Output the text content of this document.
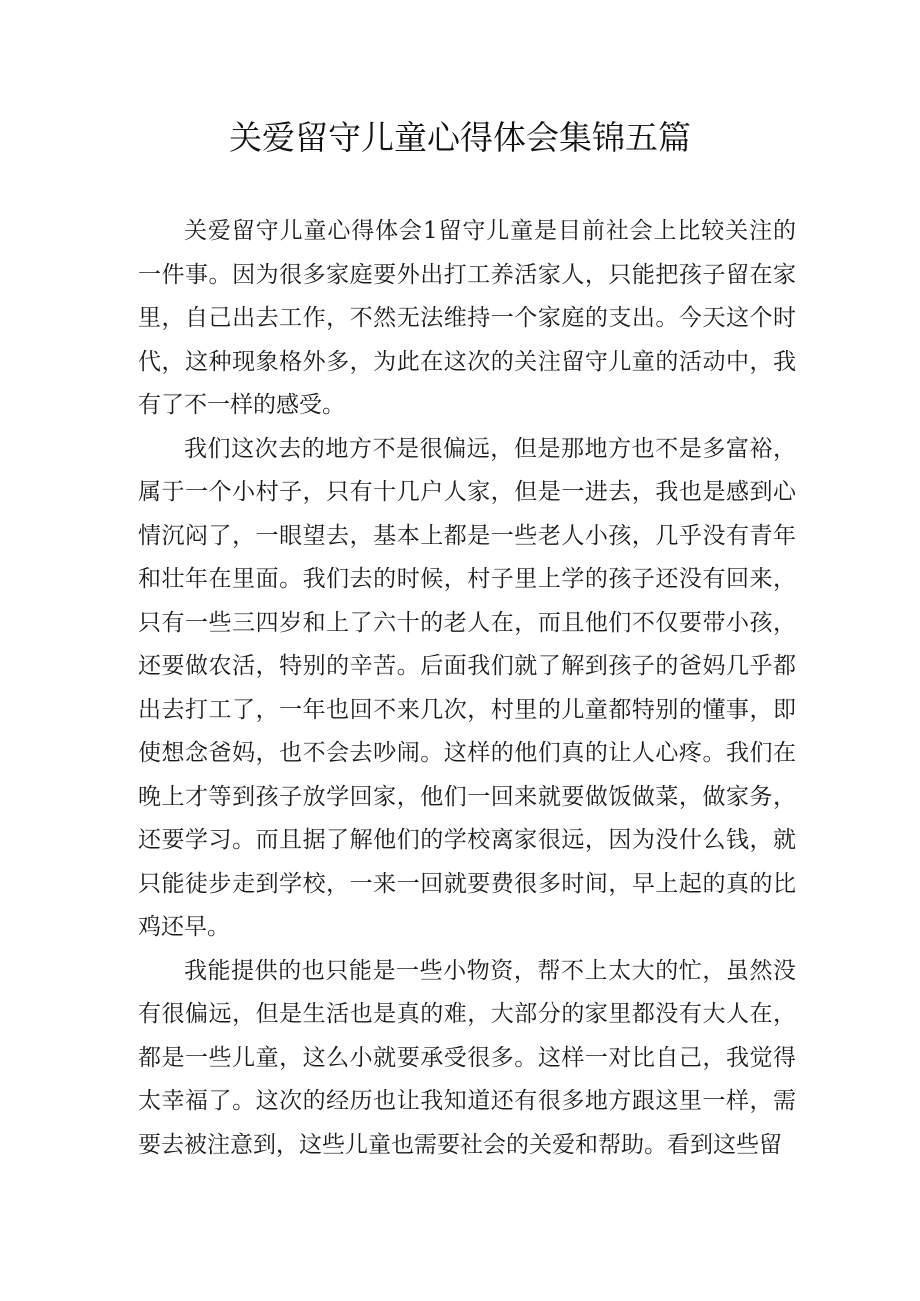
关爱留守儿童心得体会集锦五篇

关爱留守儿童心得体会1留守儿童是目前社会上比较关注的一件事。因为很多家庭要外出打工养活家人，只能把孩子留在家里，自己出去工作，不然无法维持一个家庭的支出。今天这个时代，这种现象格外多，为此在这次的关注留守儿童的活动中，我有了不一样的感受。

我们这次去的地方不是很偏远，但是那地方也不是多富裕，属于一个小村子，只有十几户人家，但是一进去，我也是感到心情沉闷了，一眼望去，基本上都是一些老人小孩，几乎没有青年和壮年在里面。我们去的时候，村子里上学的孩子还没有回来，只有一些三四岁和上了六十的老人在，而且他们不仅要带小孩，还要做农活，特别的辛苦。后面我们就了解到孩子的爸妈几乎都出去打工了，一年也回不来几次，村里的儿童都特别的懂事，即使想念爸妈，也不会去吵闹。这样的他们真的让人心疼。我们在晚上才等到孩子放学回家，他们一回来就要做饭做菜，做家务，还要学习。而且据了解他们的学校离家很远，因为没什么钱，就只能徒步走到学校，一来一回就要费很多时间，早上起的真的比鸡还早。

我能提供的也只能是一些小物资，帮不上太大的忙，虽然没有很偏远，但是生活也是真的难，大部分的家里都没有大人在，都是一些儿童，这么小就要承受很多。这样一对比自己，我觉得太幸福了。这次的经历也让我知道还有很多地方跟这里一样，需要去被注意到，这些儿童也需要社会的关爱和帮助。看到这些留
